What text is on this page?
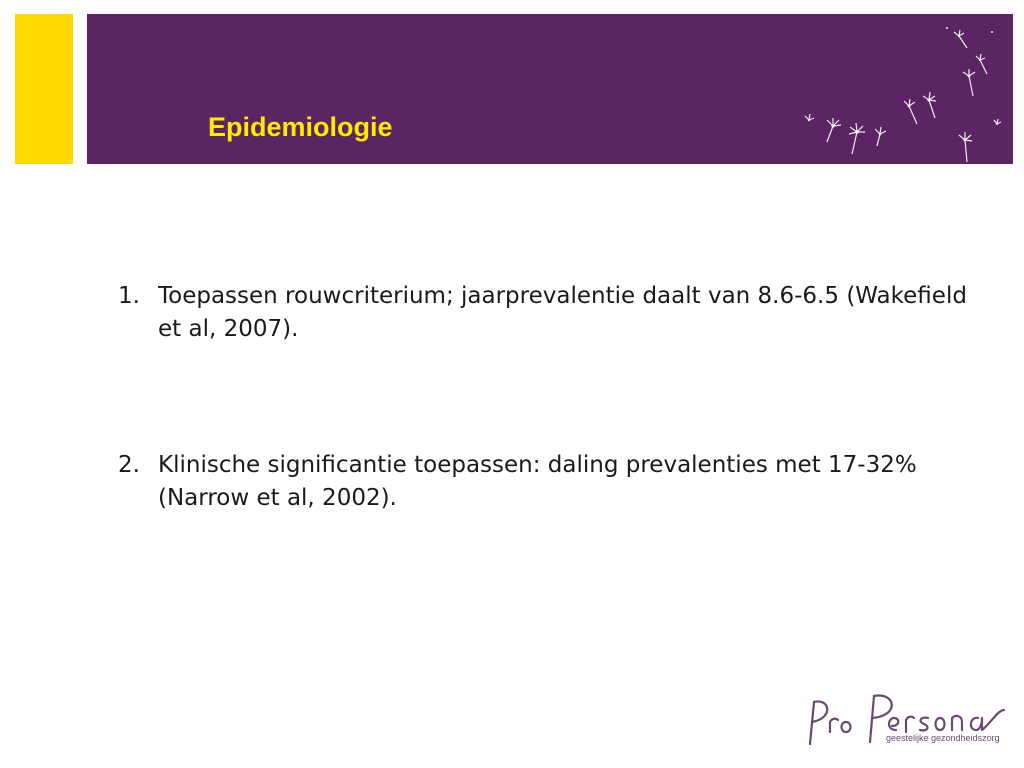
Epidemiologie
1. Toepassen rouwcriterium; jaarprevalentie daalt van 8.6-6.5 (Wakefield et al, 2007).
2. Klinische significantie toepassen: daling prevalenties met 17-32% (Narrow et al, 2002).
geestelijke gezondheidszorg
